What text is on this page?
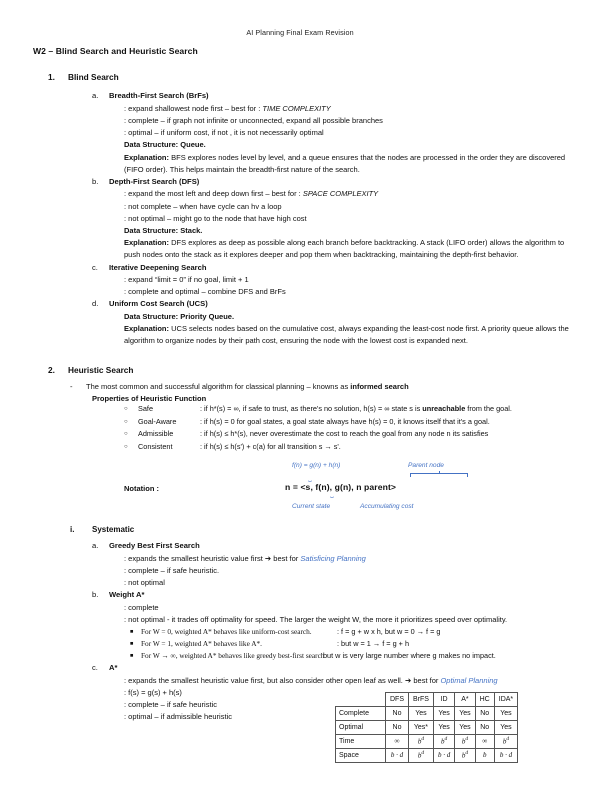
AI Planning Final Exam Revision
W2 – Blind Search and Heuristic Search
1.	Blind Search
a.	Breadth-First Search (BrFs)
: expand shallowest node first – best for : TIME COMPLEXITY
: complete – if graph not infinite or unconnected, expand all possible branches
: optimal – if uniform cost, if not , it is not necessarily optimal
Data Structure: Queue.
Explanation: BFS explores nodes level by level, and a queue ensures that the nodes are processed in the order they are discovered (FIFO order). This helps maintain the breadth-first nature of the search.
b.	Depth-First Search (DFS)
: expand the most left and deep down first – best for : SPACE COMPLEXITY
: not complete – when have cycle can hv a loop
: not optimal – might go to the node that have high cost
Data Structure: Stack.
Explanation: DFS explores as deep as possible along each branch before backtracking. A stack (LIFO order) allows the algorithm to push nodes onto the stack as it explores deeper and pop them when backtracking, maintaining the depth-first behavior.
c.	Iterative Deepening Search
: expand “limit = 0” if no goal, limit + 1
: complete and optimal – combine DFS and BrFs
d.	Uniform Cost Search (UCS)
Data Structure: Priority Queue.
Explanation: UCS selects nodes based on the cumulative cost, always expanding the least-cost node first. A priority queue allows the algorithm to organize nodes by their path cost, ensuring the node with the lowest cost is expanded next.
2.	Heuristic Search
-	The most common and successful algorithm for classical planning – knowns as informed search
Properties of Heuristic Function
○	Safe	: if h*(s) = ∞, if safe to trust, as there's no solution, h(s) = ∞ state s is unreachable from the goal.
○	Goal-Aware	: if h(s) = 0 for goal states, a goal state always have h(s) = 0, it knows itself that it's a goal.
○	Admissible	: if h(s) ≤ h*(s), never overestimate the cost to reach the goal from any node n its satisfies
○	Consistent	: if h(s) ≤ h(s') + c(a) for all transition s → s'.
Notation :
f(n) = g(n) + h(n)	Parent node
⏟
⏟
n = <s, f(n), g(n), n parent>
Current state	Accumulating cost
i.	Systematic
a.	Greedy Best First Search
: expands the smallest heuristic value first ➔ best for Satisficing Planning
: complete – if safe heuristic.
: not optimal
b.	Weight A*
: complete
: not optimal - it trades off optimality for speed. The larger the weight W, the more it prioritizes speed over optimality.
■	For W = 0, weighted A* behaves like uniform-cost search.	: f = g + w x h, but w = 0 → f = g
■	For W = 1, weighted A* behaves like A*.	: but w = 1 → f = g + h
■	For W → ∞, weighted A* behaves like greedy best-first search
but w is very large number where g makes no impact.
c.	A*
: expands the smallest heuristic value first, but also consider other open leaf as well. ➔ best for Optimal Planning
: f(s) = g(s) + h(s)
: complete – if safe heuristic
: optimal – if admissible heuristic
	DFS	BrFS	ID	A*	HC	IDA*
Complete	No	Yes	Yes	Yes	No	Yes
Optimal	No	Yes*	Yes	Yes	No	Yes
Time	∞	$b^d$	$b^d$	$b^d$	∞	$b^d$
Space	b · d	$b^d$	b · d	$b^d$	b	b · d
